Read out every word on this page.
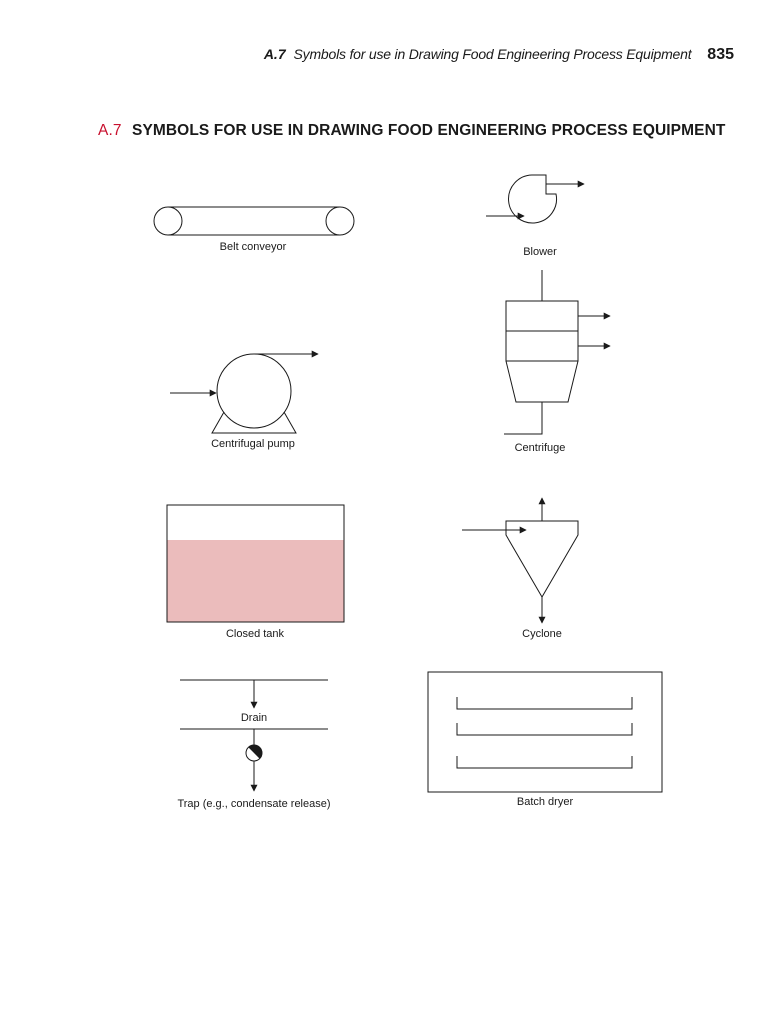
A.7 Symbols for use in Drawing Food Engineering Process Equipment 835
A.7 SYMBOLS FOR USE IN DRAWING FOOD ENGINEERING PROCESS EQUIPMENT
Belt conveyor	Blower
Centrifuge
Centrifugal pump
Closed tank	Cyclone
Drain
Trap (e.g., condensate release)	Batch dryer
